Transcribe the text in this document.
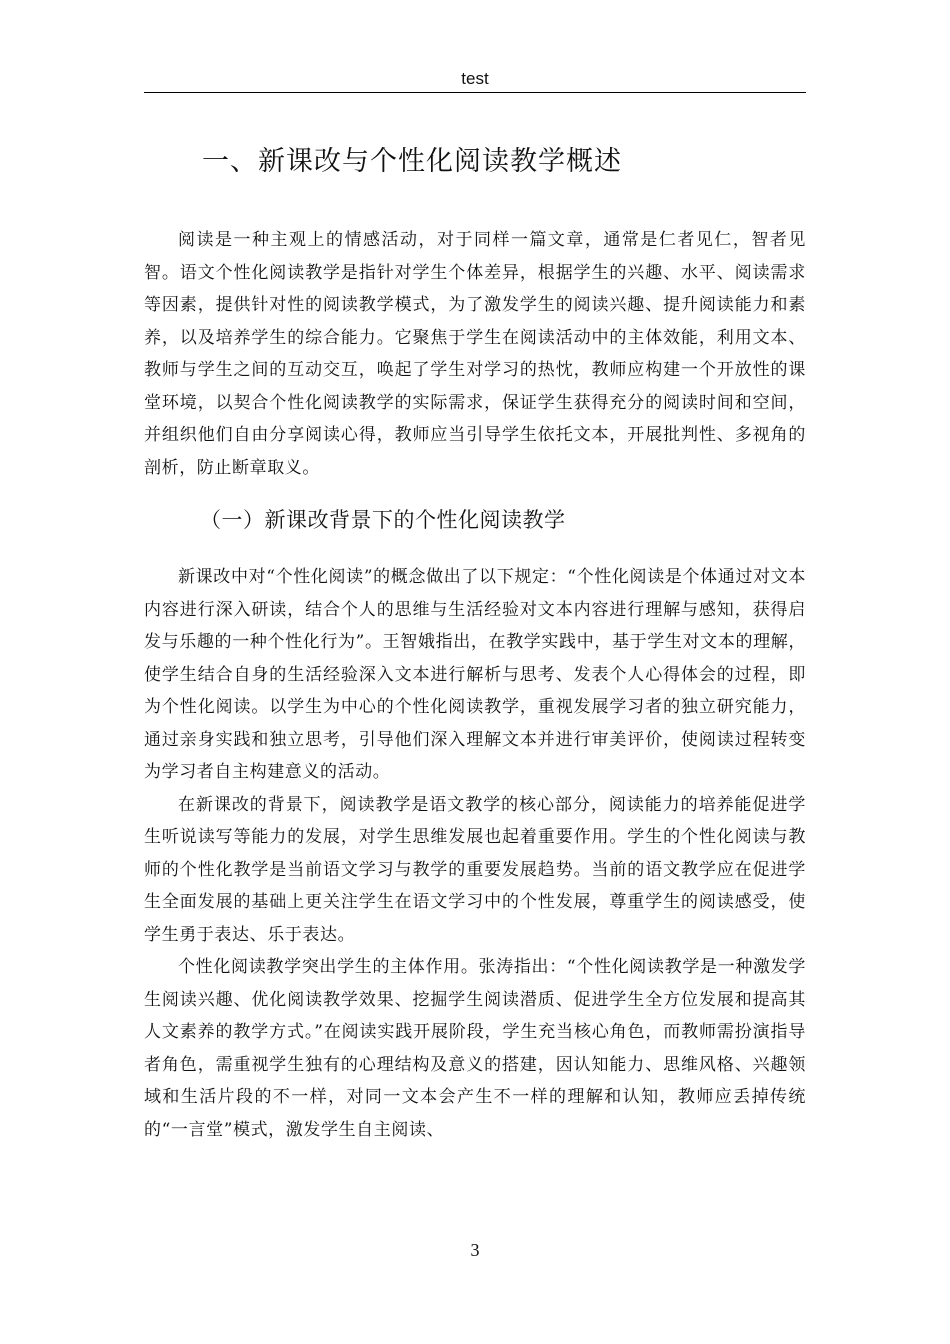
test
一、新课改与个性化阅读教学概述

阅读是一种主观上的情感活动，对于同样一篇文章，通常是仁者见仁，智者见智。语文个性化阅读教学是指针对学生个体差异，根据学生的兴趣、水平、阅读需求等因素，提供针对性的阅读教学模式，为了激发学生的阅读兴趣、提升阅读能力和素养，以及培养学生的综合能力。它聚焦于学生在阅读活动中的主体效能，利用文本、教师与学生之间的互动交互，唤起了学生对学习的热忱，教师应构建一个开放性的课堂环境，以契合个性化阅读教学的实际需求，保证学生获得充分的阅读时间和空间，并组织他们自由分享阅读心得，教师应当引导学生依托文本，开展批判性、多视角的剖析，防止断章取义。

（一）新课改背景下的个性化阅读教学

新课改中对“个性化阅读”的概念做出了以下规定：“个性化阅读是个体通过对文本内容进行深入研读，结合个人的思维与生活经验对文本内容进行理解与感知，获得启发与乐趣的一种个性化行为”。王智娥指出，在教学实践中，基于学生对文本的理解，使学生结合自身的生活经验深入文本进行解析与思考、发表个人心得体会的过程，即为个性化阅读。以学生为中心的个性化阅读教学，重视发展学习者的独立研究能力，通过亲身实践和独立思考，引导他们深入理解文本并进行审美评价，使阅读过程转变为学习者自主构建意义的活动。

在新课改的背景下，阅读教学是语文教学的核心部分，阅读能力的培养能促进学生听说读写等能力的发展，对学生思维发展也起着重要作用。学生的个性化阅读与教师的个性化教学是当前语文学习与教学的重要发展趋势。当前的语文教学应在促进学生全面发展的基础上更关注学生在语文学习中的个性发展，尊重学生的阅读感受，使学生勇于表达、乐于表达。

个性化阅读教学突出学生的主体作用。张涛指出：“个性化阅读教学是一种激发学生阅读兴趣、优化阅读教学效果、挖掘学生阅读潜质、促进学生全方位发展和提高其人文素养的教学方式。”在阅读实践开展阶段，学生充当核心角色，而教师需扮演指导者角色，需重视学生独有的心理结构及意义的搭建，因认知能力、思维风格、兴趣领域和生活片段的不一样，对同一文本会产生不一样的理解和认知，教师应丢掉传统的“一言堂”模式，激发学生自主阅读、

3
